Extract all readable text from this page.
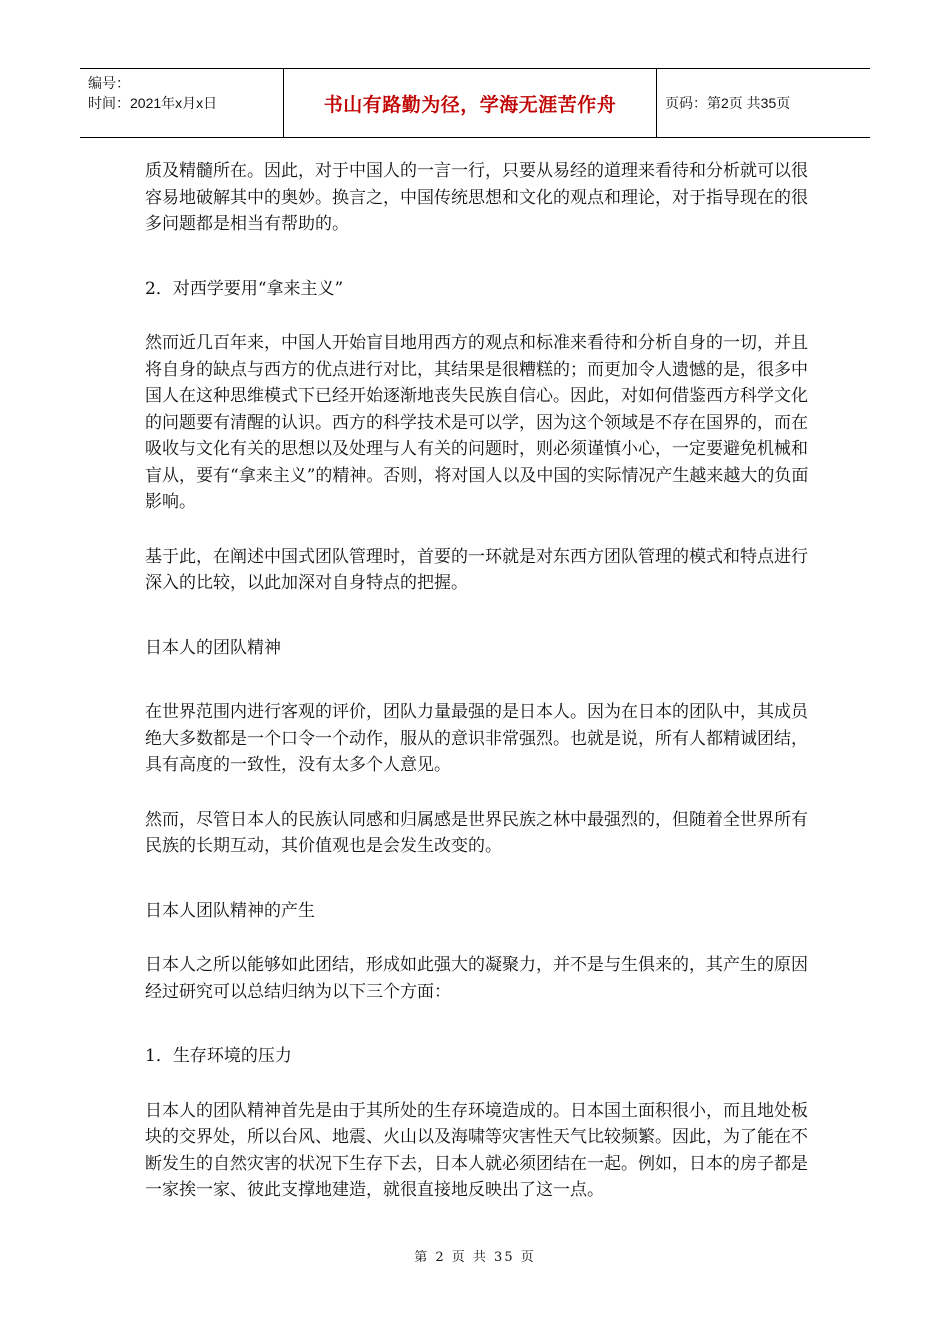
编号：
时间：2021年x月x日	书山有路勤为径，学海无涯苦作舟	页码：第2页 共35页

质及精髓所在。因此，对于中国人的一言一行，只要从易经的道理来看待和分析就可以很容易地破解其中的奥妙。换言之，中国传统思想和文化的观点和理论，对于指导现在的很多问题都是相当有帮助的。

2．对西学要用“拿来主义”

然而近几百年来，中国人开始盲目地用西方的观点和标准来看待和分析自身的一切，并且将自身的缺点与西方的优点进行对比，其结果是很糟糕的；而更加令人遗憾的是，很多中国人在这种思维模式下已经开始逐渐地丧失民族自信心。因此，对如何借鉴西方科学文化的问题要有清醒的认识。西方的科学技术是可以学，因为这个领域是不存在国界的，而在吸收与文化有关的思想以及处理与人有关的问题时，则必须谨慎小心，一定要避免机械和盲从，要有“拿来主义”的精神。否则，将对国人以及中国的实际情况产生越来越大的负面影响。

基于此，在阐述中国式团队管理时，首要的一环就是对东西方团队管理的模式和特点进行深入的比较，以此加深对自身特点的把握。

日本人的团队精神

在世界范围内进行客观的评价，团队力量最强的是日本人。因为在日本的团队中，其成员绝大多数都是一个口令一个动作，服从的意识非常强烈。也就是说，所有人都精诚团结，具有高度的一致性，没有太多个人意见。

然而，尽管日本人的民族认同感和归属感是世界民族之林中最强烈的，但随着全世界所有民族的长期互动，其价值观也是会发生改变的。

日本人团队精神的产生

日本人之所以能够如此团结，形成如此强大的凝聚力，并不是与生俱来的，其产生的原因经过研究可以总结归纳为以下三个方面：

1．生存环境的压力

日本人的团队精神首先是由于其所处的生存环境造成的。日本国土面积很小，而且地处板块的交界处，所以台风、地震、火山以及海啸等灾害性天气比较频繁。因此，为了能在不断发生的自然灾害的状况下生存下去，日本人就必须团结在一起。例如，日本的房子都是一家挨一家、彼此支撑地建造，就很直接地反映出了这一点。

第 2 页 共 35 页
